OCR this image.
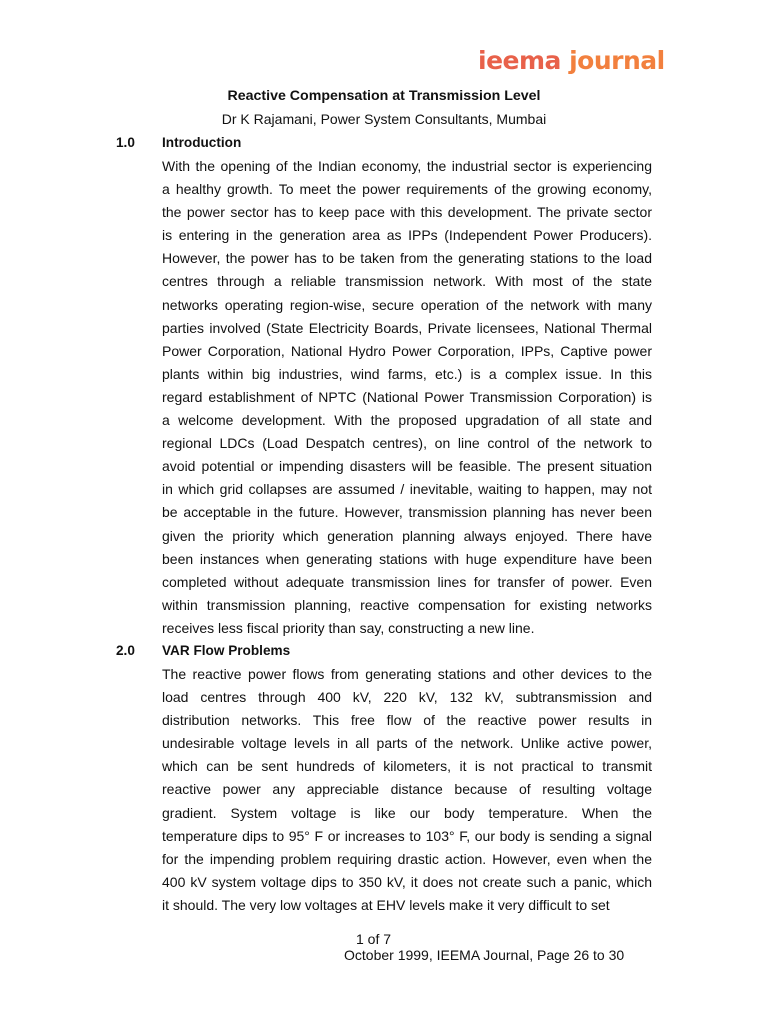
ieema journal
Reactive Compensation at Transmission Level
Dr K Rajamani, Power System Consultants, Mumbai
1.0 Introduction
With the opening of the Indian economy, the industrial sector is experiencing
a healthy growth. To meet the power requirements of the growing economy,
the power sector has to keep pace with this development. The private sector
is entering in the generation area as IPPs (Independent Power Producers).
However, the power has to be taken from the generating stations to the load
centres through a reliable transmission network. With most of the state
networks operating region-wise, secure operation of the network with many
parties involved (State Electricity Boards, Private licensees, National Thermal
Power Corporation, National Hydro Power Corporation, IPPs, Captive power
plants within big industries, wind farms, etc.) is a complex issue. In this
regard establishment of NPTC (National Power Transmission Corporation) is
a welcome development. With the proposed upgradation of all state and
regional LDCs (Load Despatch centres), on line control of the network to
avoid potential or impending disasters will be feasible. The present situation
in which grid collapses are assumed / inevitable, waiting to happen, may not
be acceptable in the future. However, transmission planning has never been
given the priority which generation planning always enjoyed. There have
been instances when generating stations with huge expenditure have been
completed without adequate transmission lines for transfer of power. Even
within transmission planning, reactive compensation for existing networks
receives less fiscal priority than say, constructing a new line.
2.0 VAR Flow Problems
The reactive power flows from generating stations and other devices to the
load centres through 400 kV, 220 kV, 132 kV, subtransmission and
distribution networks. This free flow of the reactive power results in
undesirable voltage levels in all parts of the network. Unlike active power,
which can be sent hundreds of kilometers, it is not practical to transmit
reactive power any appreciable distance because of resulting voltage
gradient. System voltage is like our body temperature. When the
temperature dips to 95° F or increases to 103° F, our body is sending a signal
for the impending problem requiring drastic action. However, even when the
400 kV system voltage dips to 350 kV, it does not create such a panic, which
it should. The very low voltages at EHV levels make it very difficult to set
1 of 7
October 1999, IEEMA Journal, Page 26 to 30
